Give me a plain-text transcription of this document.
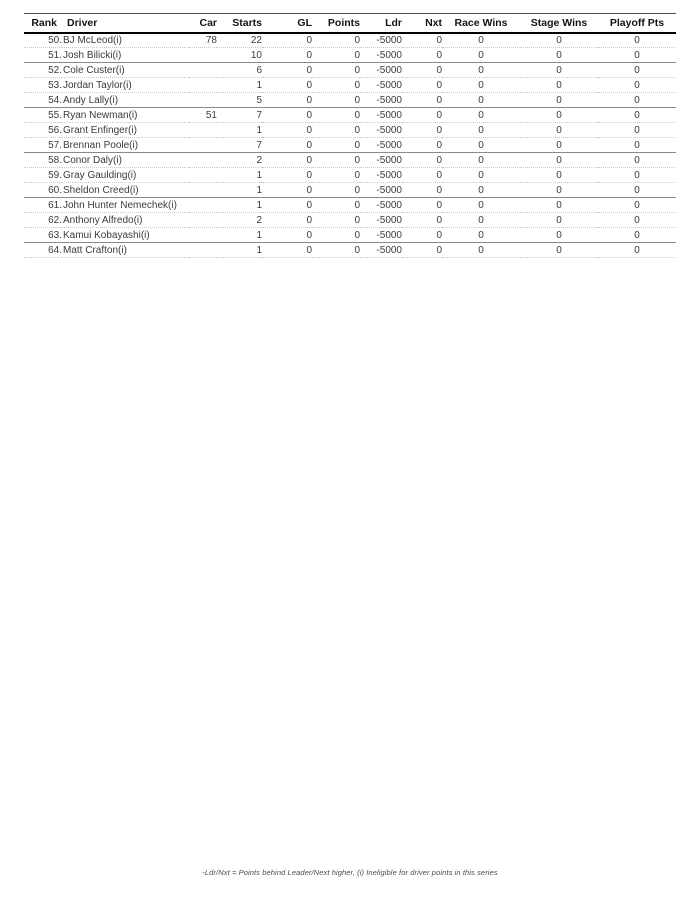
Rank	Driver	Car	Starts	GL	Points	Ldr	Nxt	Race Wins	Stage Wins	Playoff Pts
50.	BJ McLeod(i)	78	22	0	0	-5000	0	0	0	0
51.	Josh Bilicki(i)		10	0	0	-5000	0	0	0	0
52.	Cole Custer(i)		6	0	0	-5000	0	0	0	0
53.	Jordan Taylor(i)		1	0	0	-5000	0	0	0	0
54.	Andy Lally(i)		5	0	0	-5000	0	0	0	0
55.	Ryan Newman(i)	51	7	0	0	-5000	0	0	0	0
56.	Grant Enfinger(i)		1	0	0	-5000	0	0	0	0
57.	Brennan Poole(i)		7	0	0	-5000	0	0	0	0
58.	Conor Daly(i)		2	0	0	-5000	0	0	0	0
59.	Gray Gaulding(i)		1	0	0	-5000	0	0	0	0
60.	Sheldon Creed(i)		1	0	0	-5000	0	0	0	0
61.	John Hunter Nemechek(i)		1	0	0	-5000	0	0	0	0
62.	Anthony Alfredo(i)		2	0	0	-5000	0	0	0	0
63.	Kamui Kobayashi(i)		1	0	0	-5000	0	0	0	0
64.	Matt Crafton(i)		1	0	0	-5000	0	0	0	0
-Ldr/Nxt = Points behind Leader/Next higher, (i) Ineligible for driver points in this series
